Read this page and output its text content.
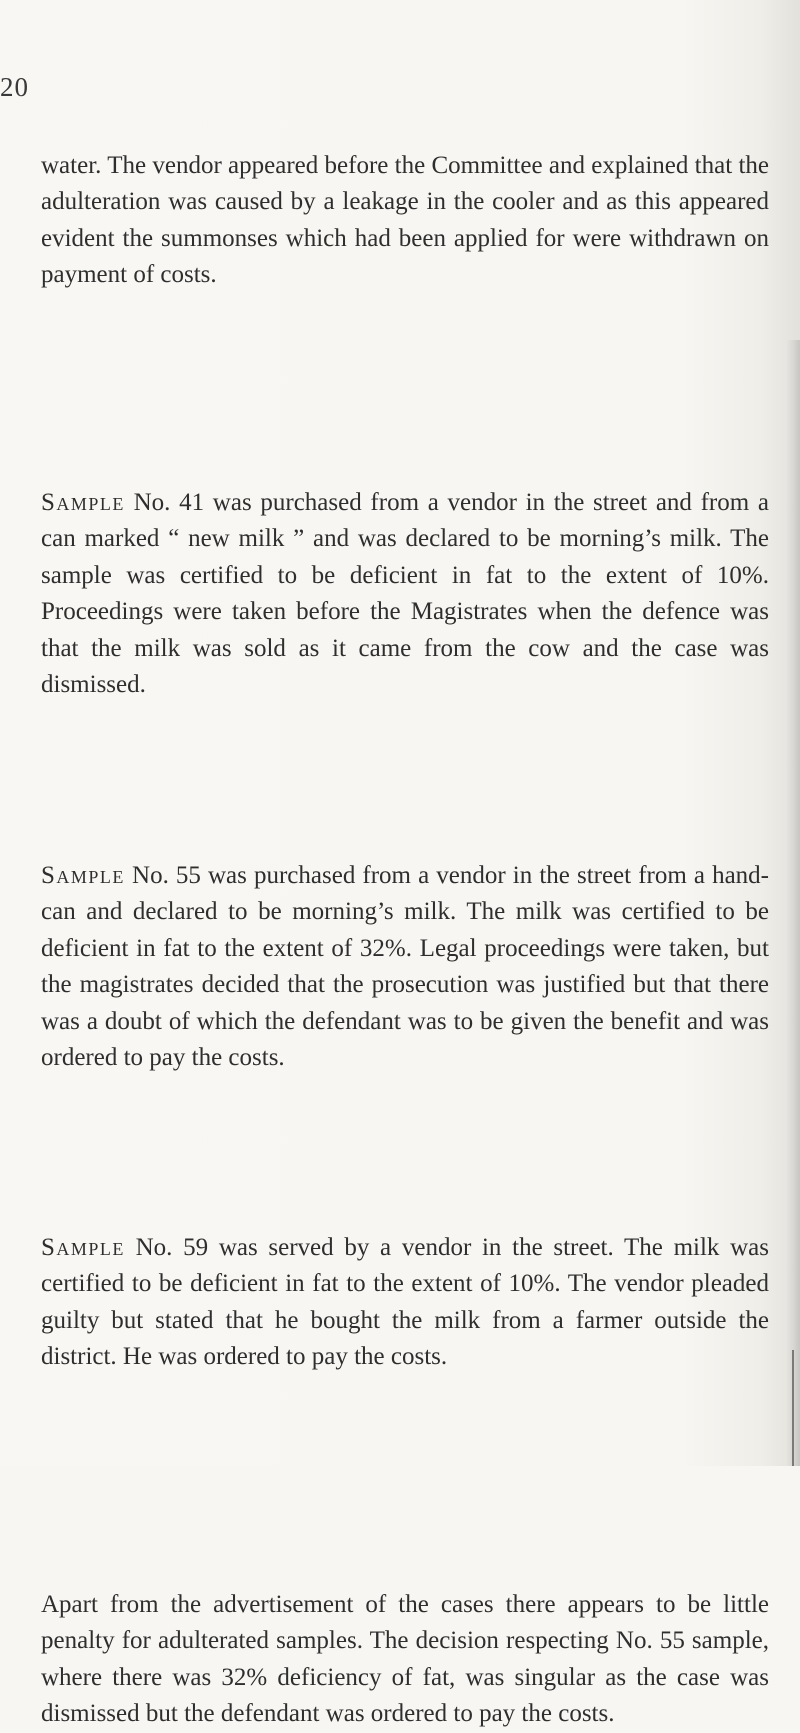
20

water. The vendor appeared before the Committee and explained that the adulteration was caused by a leakage in the cooler and as this appeared evident the summonses which had been applied for were withdrawn on payment of costs.

Sample No. 41 was purchased from a vendor in the street and from a can marked “ new milk ” and was declared to be morning’s milk. The sample was certified to be deficient in fat to the extent of 10%. Proceedings were taken before the Magistrates when the defence was that the milk was sold as it came from the cow and the case was dismissed.

Sample No. 55 was purchased from a vendor in the street from a hand-can and declared to be morning’s milk. The milk was certified to be deficient in fat to the extent of 32%. Legal proceedings were taken, but the magistrates decided that the prosecution was justified but that there was a doubt of which the defendant was to be given the benefit and was ordered to pay the costs.

Sample No. 59 was served by a vendor in the street. The milk was certified to be deficient in fat to the extent of 10%. The vendor pleaded guilty but stated that he bought the milk from a farmer outside the district. He was ordered to pay the costs.

Apart from the advertisement of the cases there appears to be little penalty for adulterated samples. The decision respecting No. 55 sample, where there was 32% deficiency of fat, was singular as the case was dismissed but the defendant was ordered to pay the costs.
